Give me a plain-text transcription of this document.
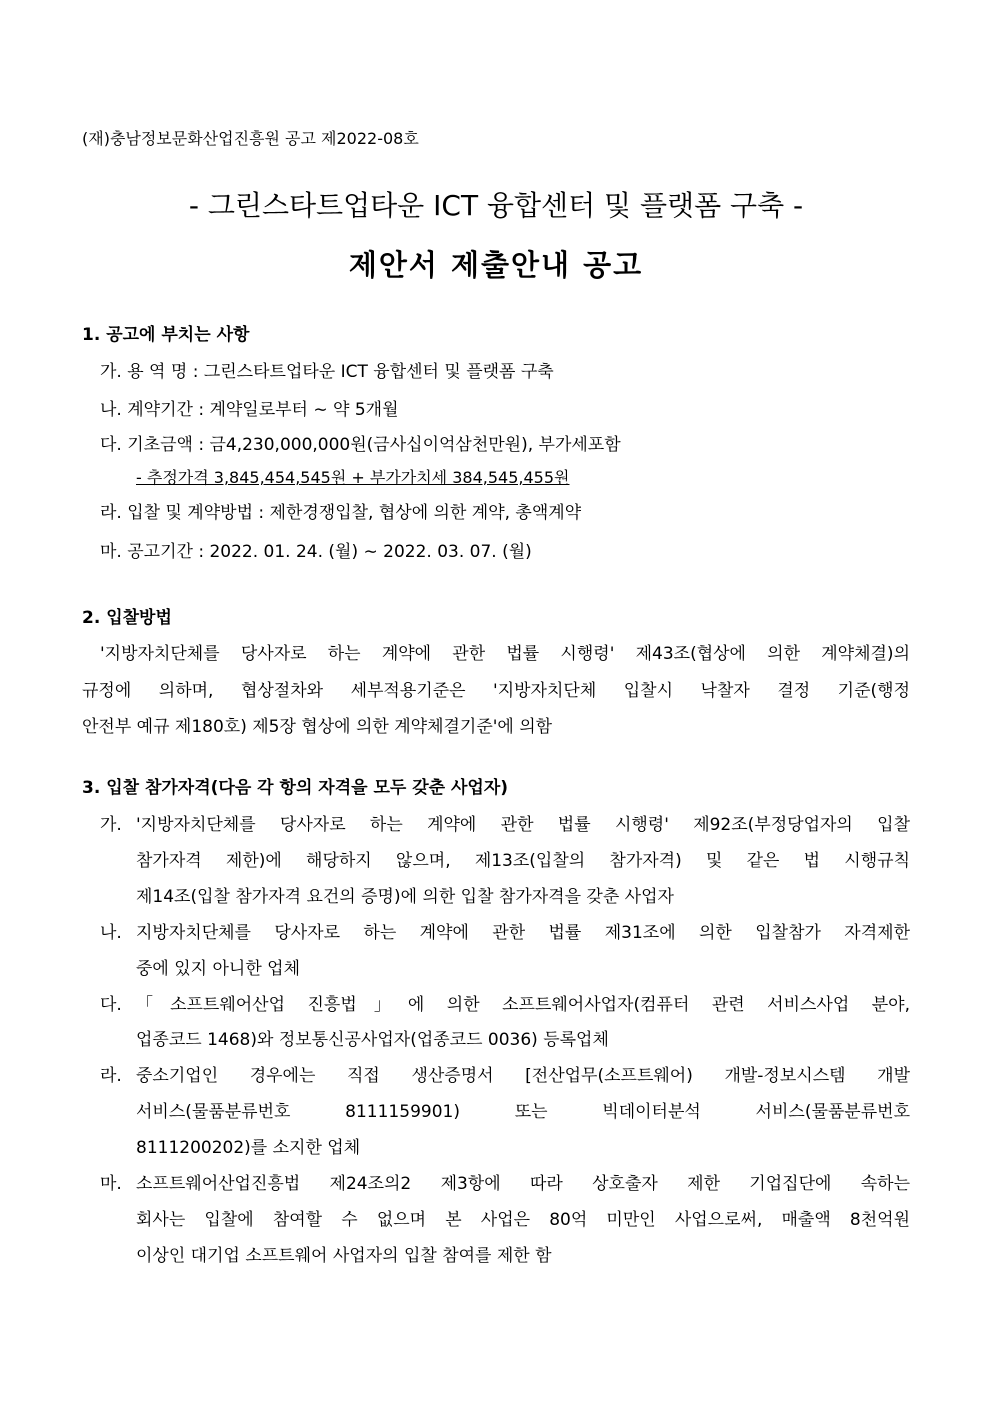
(재)충남정보문화산업진흥원 공고 제2022-08호
- 그린스타트업타운 ICT 융합센터 및 플랫폼 구축 -
제안서 제출안내 공고
1. 공고에 부치는 사항
가. 용 역 명 : 그린스타트업타운 ICT 융합센터 및 플랫폼 구축
나. 계약기간 : 계약일로부터 ∼ 약 5개월
다. 기초금액 : 금4,230,000,000원(금사십이억삼천만원), 부가세포함
- 추정가격 3,845,454,545원 + 부가가치세 384,545,455원
라. 입찰 및 계약방법 : 제한경쟁입찰, 협상에 의한 계약, 총액계약
마. 공고기간 : 2022. 01. 24. (월) ∼ 2022. 03. 07. (월)
2. 입찰방법
'지방자치단체를 당사자로 하는 계약에 관한 법률 시행령' 제43조(협상에 의한 계약체결)의
규정에 의하며, 협상절차와 세부적용기준은 '지방자치단체 입찰시 낙찰자 결정 기준(행정
안전부 예규 제180호) 제5장 협상에 의한 계약체결기준'에 의함
3. 입찰 참가자격(다음 각 항의 자격을 모두 갖춘 사업자)
가. '지방자치단체를 당사자로 하는 계약에 관한 법률 시행령' 제92조(부정당업자의 입찰
참가자격 제한)에 해당하지 않으며, 제13조(입찰의 참가자격) 및 같은 법 시행규칙
제14조(입찰 참가자격 요건의 증명)에 의한 입찰 참가자격을 갖춘 사업자
나. 지방자치단체를 당사자로 하는 계약에 관한 법률 제31조에 의한 입찰참가 자격제한
중에 있지 아니한 업체
다. 「소프트웨어산업 진흥법」에 의한 소프트웨어사업자(컴퓨터 관련 서비스사업 분야,
업종코드 1468)와 정보통신공사업자(업종코드 0036) 등록업체
라. 중소기업인 경우에는 직접 생산증명서 [전산업무(소프트웨어) 개발-정보시스템 개발
서비스(물품분류번호 8111159901) 또는 빅데이터분석 서비스(물품분류번호
8111200202)를 소지한 업체
마. 소프트웨어산업진흥법 제24조의2 제3항에 따라 상호출자 제한 기업집단에 속하는
회사는 입찰에 참여할 수 없으며 본 사업은 80억 미만인 사업으로써, 매출액 8천억원
이상인 대기업 소프트웨어 사업자의 입찰 참여를 제한 함
